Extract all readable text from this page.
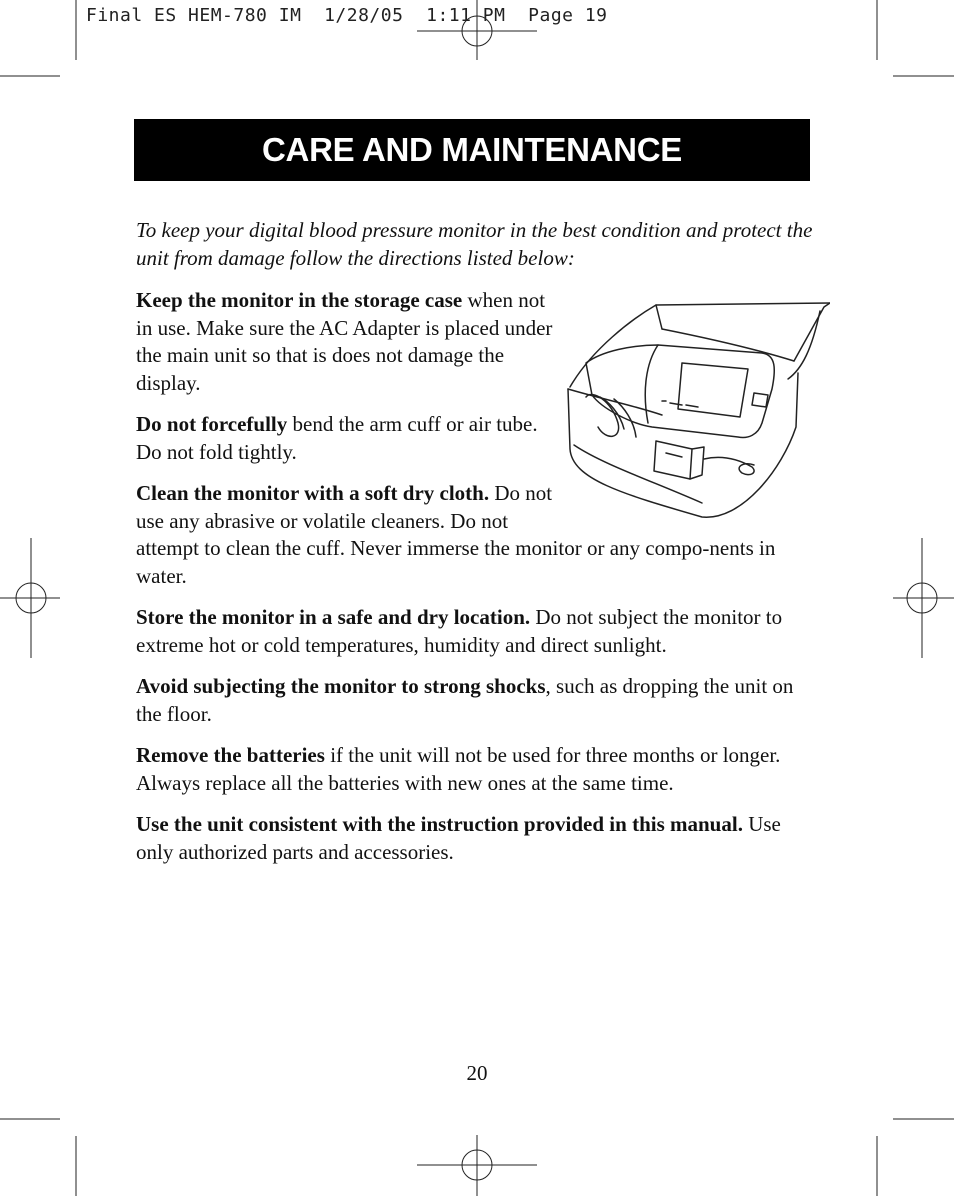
Final ES HEM-780 IM  1/28/05  1:11 PM  Page 19
CARE AND MAINTENANCE

To keep your digital blood pressure monitor in the best condition and protect the unit from damage follow the directions listed below:

Keep the monitor in the storage case when not in use. Make sure the AC Adapter is placed under the main unit so that is does not damage the display.

Do not forcefully bend the arm cuff or air tube. Do not fold tightly.

Clean the monitor with a soft dry cloth. Do not use any abrasive or volatile cleaners. Do not attempt to clean the cuff. Never immerse the monitor or any compo-nents in water.

Store the monitor in a safe and dry location. Do not subject the monitor to extreme hot or cold temperatures, humidity and direct sunlight.

Avoid subjecting the monitor to strong shocks, such as dropping the unit on the floor.

Remove the batteries if the unit will not be used for three months or longer. Always replace all the batteries with new ones at the same time.

Use the unit consistent with the instruction provided in this manual. Use only authorized parts and accessories.

20
